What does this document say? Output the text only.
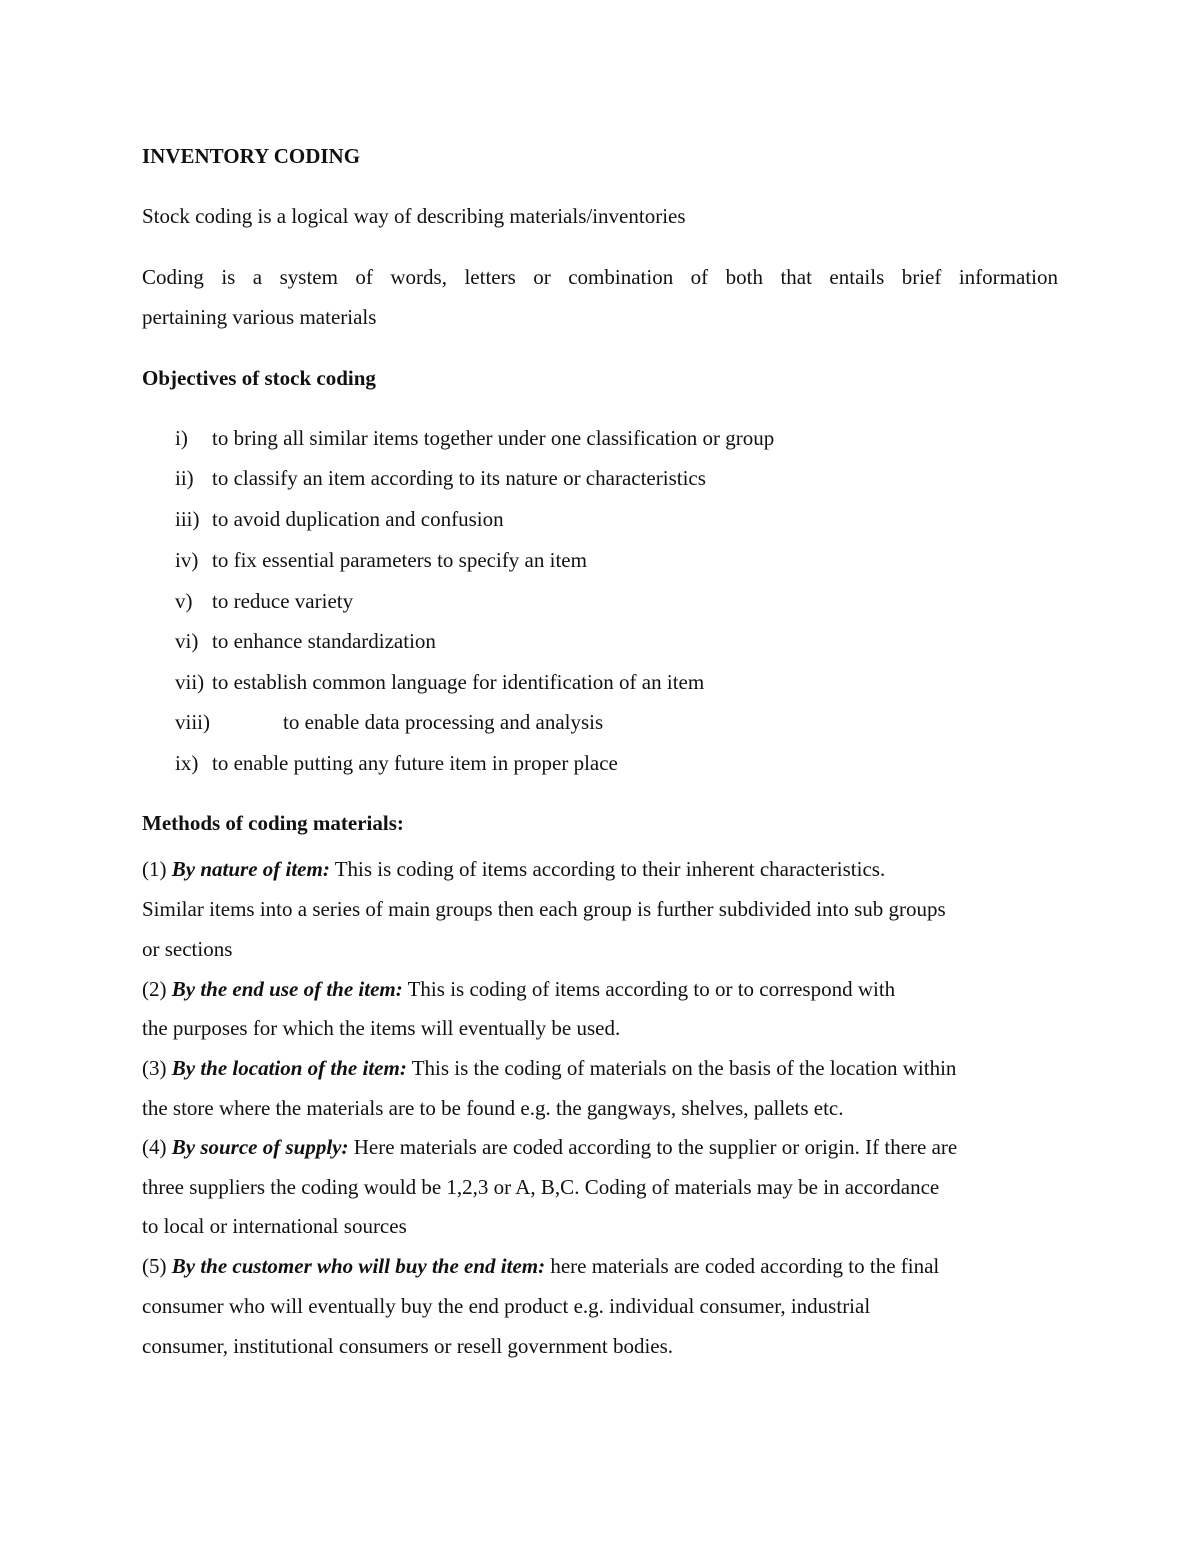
INVENTORY CODING
Stock coding is a logical way of describing materials/inventories
Coding is a system of words, letters or combination of both that entails brief information
pertaining various materials
Objectives of stock coding
i) to bring all similar items together under one classification or group
ii) to classify an item according to its nature or characteristics
iii) to avoid duplication and confusion
iv) to fix essential parameters to specify an item
v) to reduce variety
vi) to enhance standardization
vii) to establish common language for identification of an item
viii)	to enable data processing and analysis
ix) to enable putting any future item in proper place
Methods of coding materials:
(1) By nature of item: This is coding of items according to their inherent characteristics.
Similar items into a series of main groups then each group is further subdivided into sub groups
or sections
(2) By the end use of the item: This is coding of items according to or to correspond with
the purposes for which the items will eventually be used.
(3) By the location of the item: This is the coding of materials on the basis of the location within
the store where the materials are to be found e.g. the gangways, shelves, pallets etc.
(4) By source of supply: Here materials are coded according to the supplier or origin. If there are
three suppliers the coding would be 1,2,3 or A, B,C. Coding of materials may be in accordance
to local or international sources
(5) By the customer who will buy the end item: here materials are coded according to the final
consumer who will eventually buy the end product e.g. individual consumer, industrial
consumer, institutional consumers or resell government bodies.
